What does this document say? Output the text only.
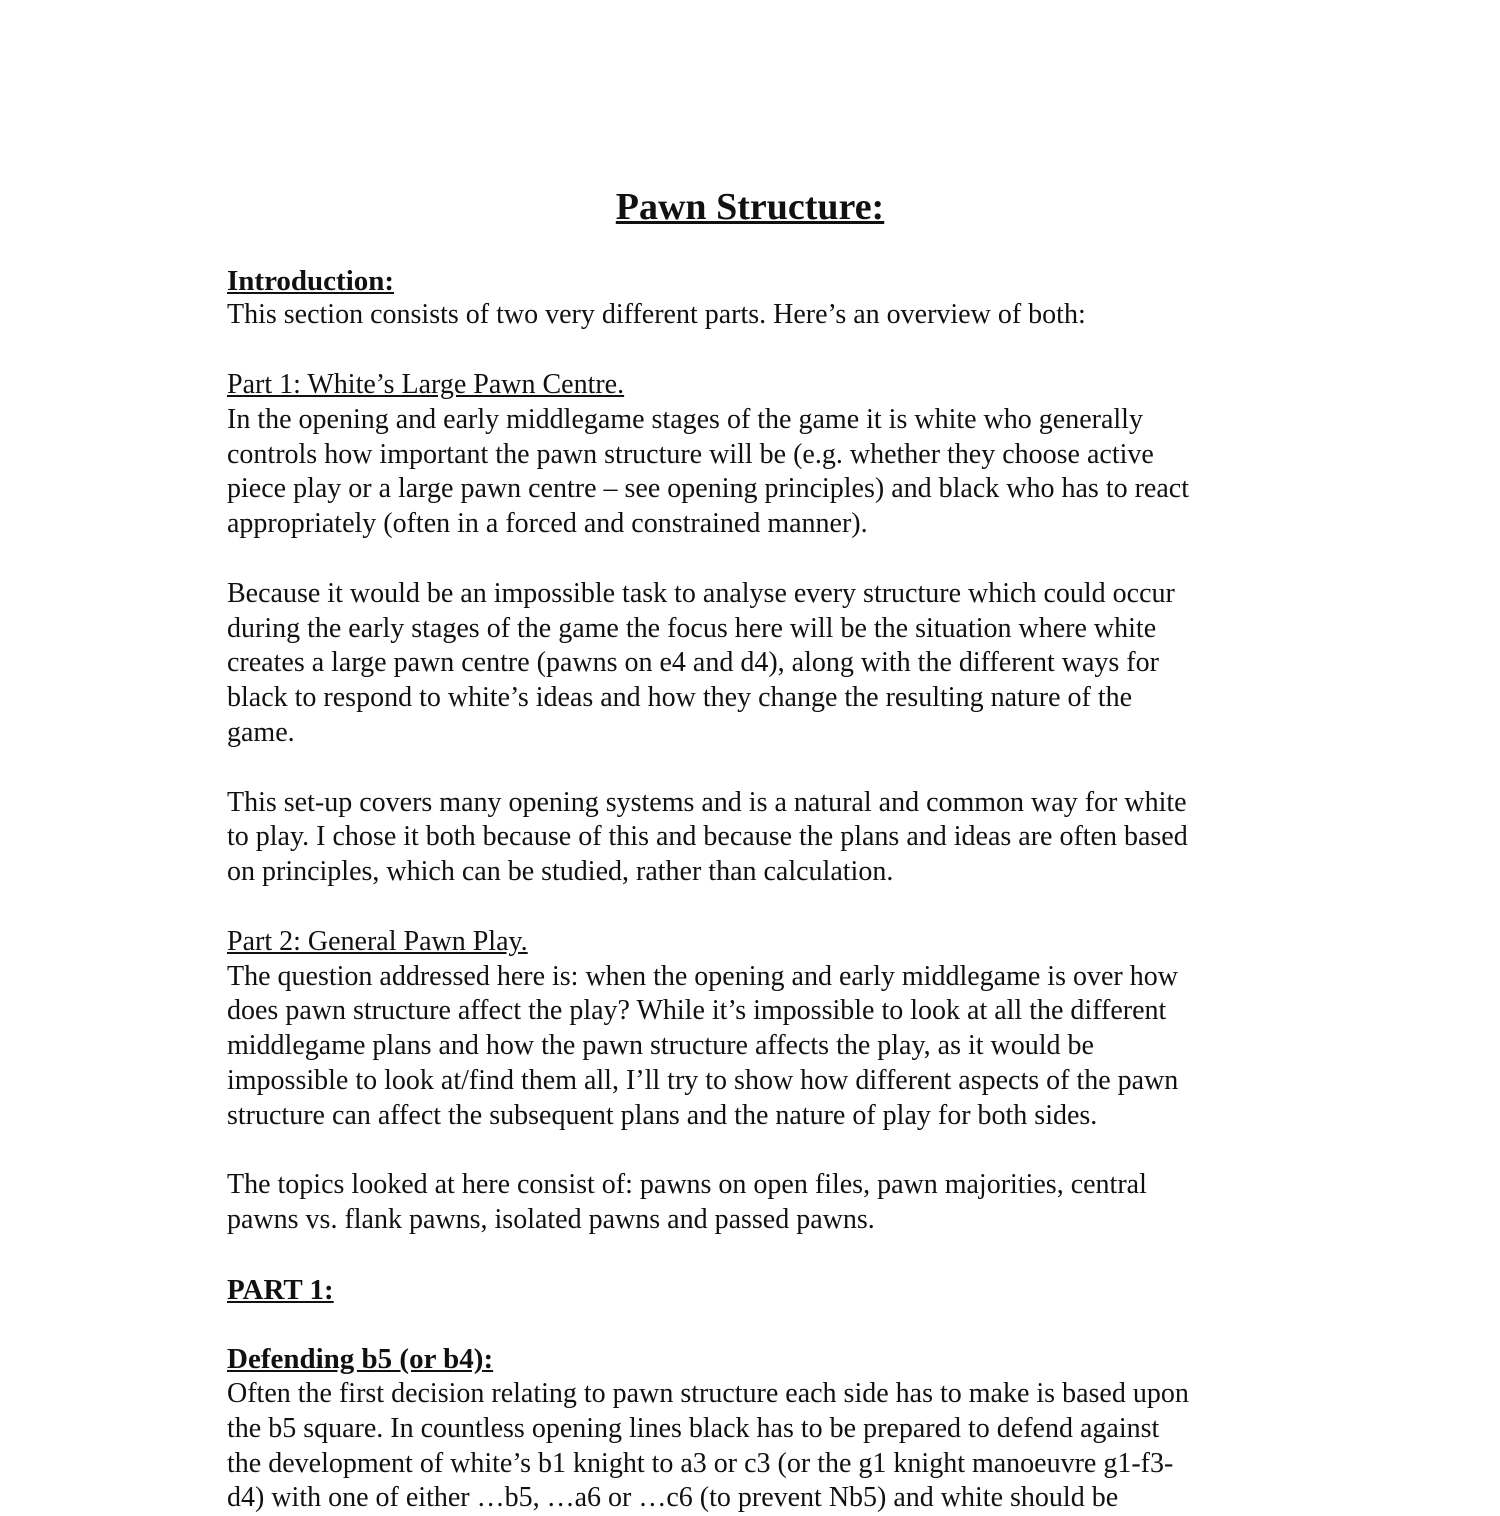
Pawn Structure:
Introduction:
This section consists of two very different parts. Here’s an overview of both:
Part 1: White’s Large Pawn Centre.
In the opening and early middlegame stages of the game it is white who generally
controls how important the pawn structure will be (e.g. whether they choose active
piece play or a large pawn centre – see opening principles) and black who has to react
appropriately (often in a forced and constrained manner).
Because it would be an impossible task to analyse every structure which could occur
during the early stages of the game the focus here will be the situation where white
creates a large pawn centre (pawns on e4 and d4), along with the different ways for
black to respond to white’s ideas and how they change the resulting nature of the
game.
This set-up covers many opening systems and is a natural and common way for white
to play. I chose it both because of this and because the plans and ideas are often based
on principles, which can be studied, rather than calculation.
Part 2: General Pawn Play.
The question addressed here is: when the opening and early middlegame is over how
does pawn structure affect the play? While it’s impossible to look at all the different
middlegame plans and how the pawn structure affects the play, as it would be
impossible to look at/find them all, I’ll try to show how different aspects of the pawn
structure can affect the subsequent plans and the nature of play for both sides.
The topics looked at here consist of: pawns on open files, pawn majorities, central
pawns vs. flank pawns, isolated pawns and passed pawns.
PART 1:
Defending b5 (or b4):
Often the first decision relating to pawn structure each side has to make is based upon
the b5 square. In countless opening lines black has to be prepared to defend against
the development of white’s b1 knight to a3 or c3 (or the g1 knight manoeuvre g1-f3-
d4) with one of either …b5, …a6 or …c6 (to prevent Nb5) and white should be
